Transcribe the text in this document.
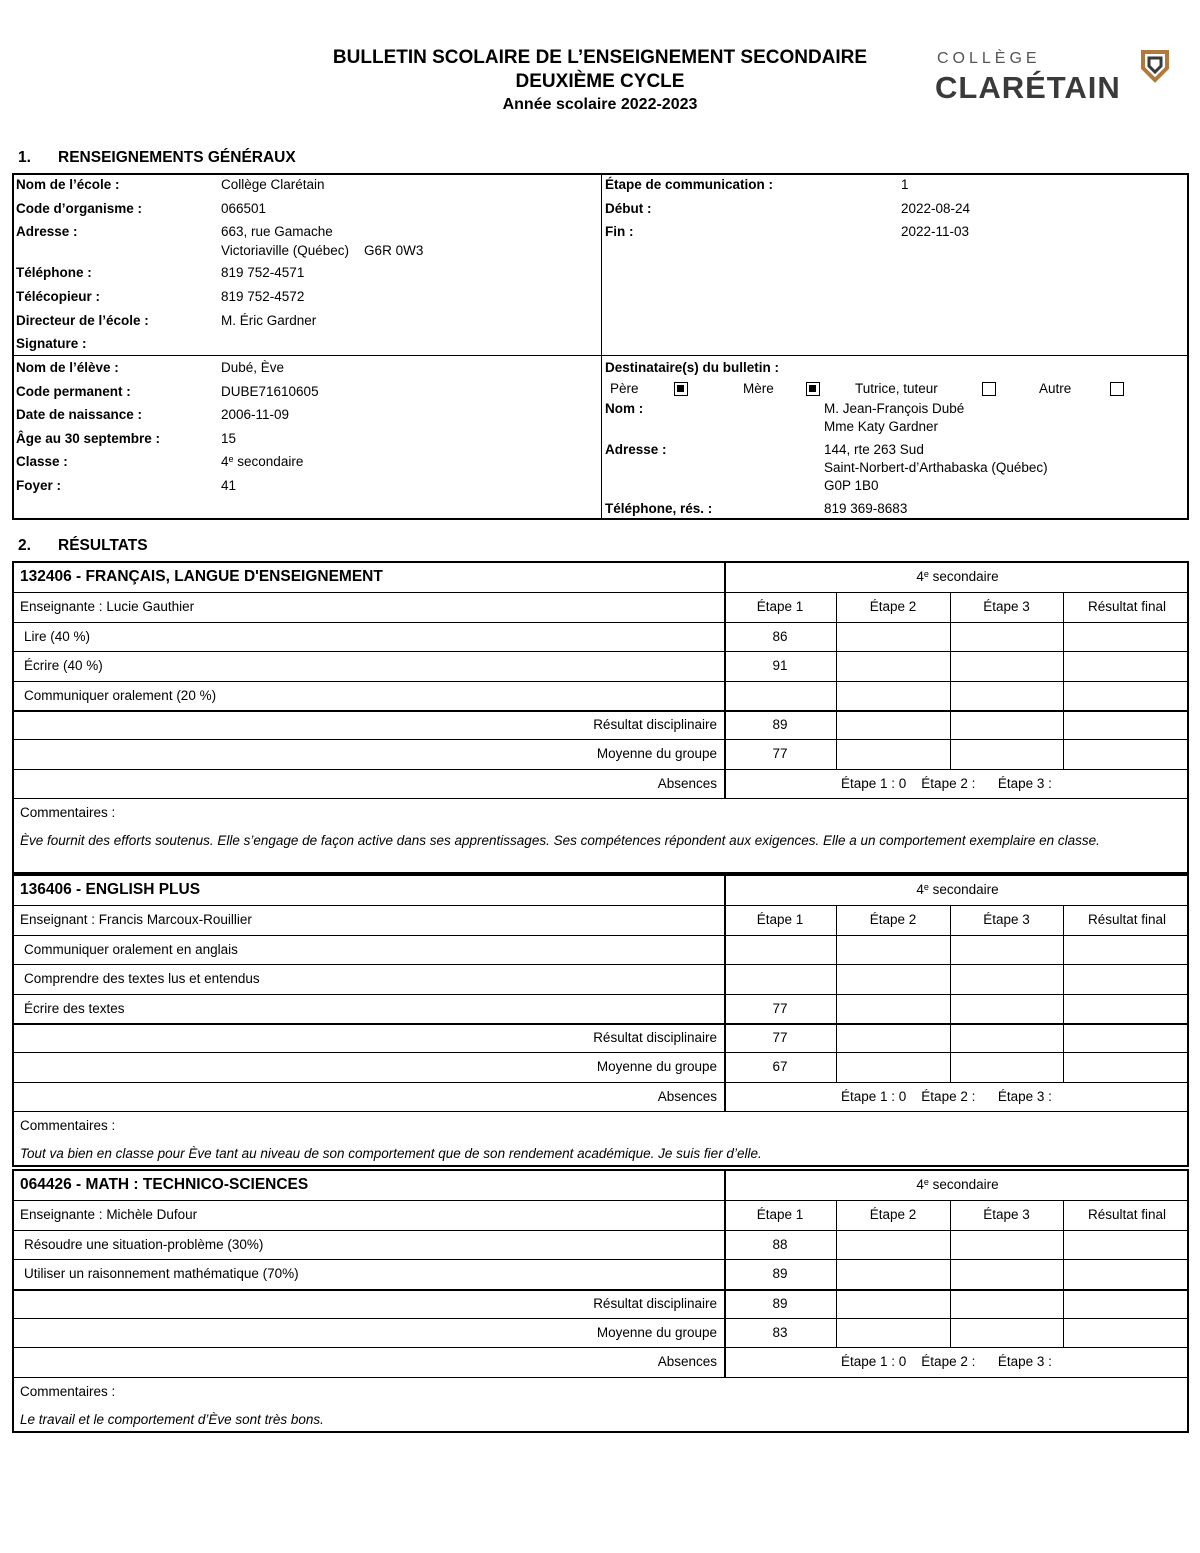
BULLETIN SCOLAIRE DE L’ENSEIGNEMENT SECONDAIRE
DEUXIÈME CYCLE
Année scolaire 2022-2023
COLLÈGE
CLARÉTAIN
1. RENSEIGNEMENTS GÉNÉRAUX
Nom de l’école :	Collège Clarétain
Code d’organisme :	066501
Adresse :	663, rue Gamache
Victoriaville (Québec)    G6R 0W3
Téléphone :	819 752-4571
Télécopieur :	819 752-4572
Directeur de l’école :	M. Éric Gardner
Signature :
Étape de communication :	1
Début :	2022-08-24
Fin :	2022-11-03
Nom de l’élève :	Dubé, Ève
Code permanent :	DUBE71610605
Date de naissance :	2006-11-09
Âge au 30 septembre :	15
Classe :	4e secondaire
Foyer :	41
Destinataire(s) du bulletin :
Père	Mère	Tutrice, tuteur	Autre
Nom :	M. Jean-François Dubé
Mme Katy Gardner
Adresse :	144, rte 263 Sud
Saint-Norbert-d’Arthabaska (Québec)
G0P 1B0
Téléphone, rés. :	819 369-8683
2. RÉSULTATS
132406 - FRANÇAIS, LANGUE D'ENSEIGNEMENT	4e secondaire
Enseignante : Lucie Gauthier	Étape 1	Étape 2	Étape 3	Résultat final
Lire (40 %)	86
Écrire (40 %)	91
Communiquer oralement (20 %)
Résultat disciplinaire	89
Moyenne du groupe	77
Absences	Étape 1 : 0    Étape 2 :      Étape 3 :
Commentaires :
Ève fournit des efforts soutenus. Elle s’engage de façon active dans ses apprentissages. Ses compétences répondent aux exigences. Elle a un comportement exemplaire en classe.
136406 - ENGLISH PLUS	4e secondaire
Enseignant : Francis Marcoux-Rouillier	Étape 1	Étape 2	Étape 3	Résultat final
Communiquer oralement en anglais
Comprendre des textes lus et entendus
Écrire des textes	77
Résultat disciplinaire	77
Moyenne du groupe	67
Absences	Étape 1 : 0    Étape 2 :      Étape 3 :
Commentaires :
Tout va bien en classe pour Ève tant au niveau de son comportement que de son rendement académique. Je suis fier d’elle.
064426 - MATH : TECHNICO-SCIENCES	4e secondaire
Enseignante : Michèle Dufour	Étape 1	Étape 2	Étape 3	Résultat final
Résoudre une situation-problème (30%)	88
Utiliser un raisonnement mathématique (70%)	89
Résultat disciplinaire	89
Moyenne du groupe	83
Absences	Étape 1 : 0    Étape 2 :      Étape 3 :
Commentaires :
Le travail et le comportement d’Ève sont très bons.
